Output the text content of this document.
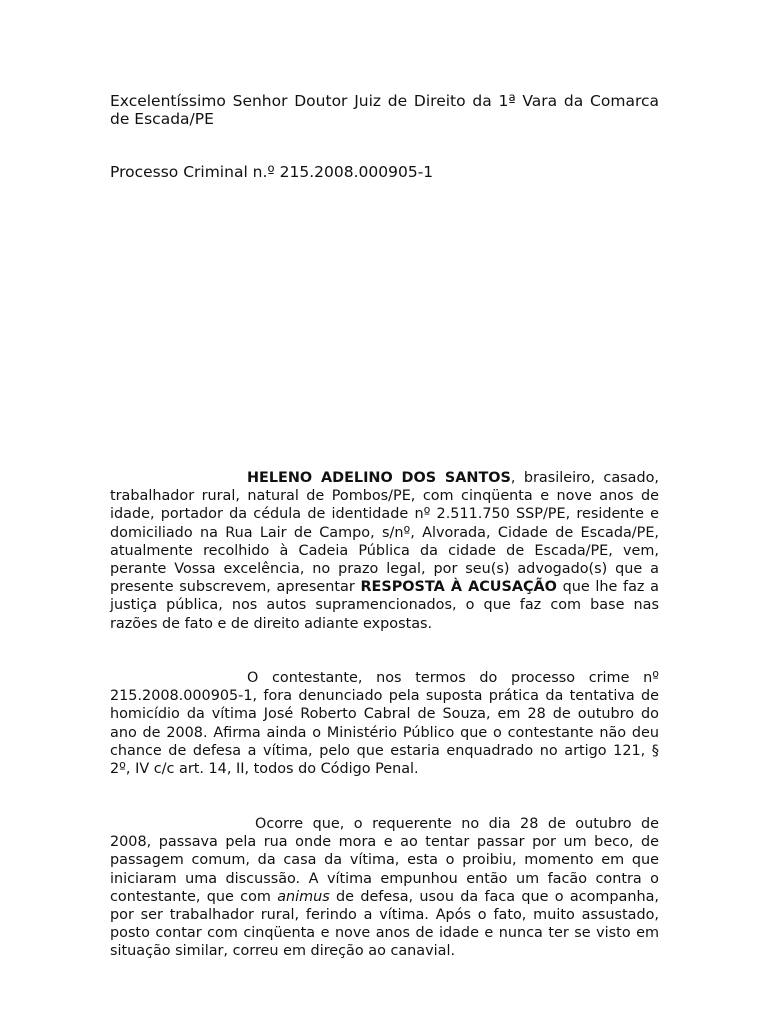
Excelentíssimo Senhor Doutor Juiz de Direito da 1ª Vara da Comarca de Escada/PE
Processo Criminal n.º 215.2008.000905-1
HELENO ADELINO DOS SANTOS, brasileiro, casado, trabalhador rural, natural de Pombos/PE, com cinqüenta e nove anos de idade, portador da cédula de identidade nº 2.511.750 SSP/PE, residente e domiciliado na Rua Lair de Campo, s/nº, Alvorada, Cidade de Escada/PE, atualmente recolhido à Cadeia Pública da cidade de Escada/PE, vem, perante Vossa excelência, no prazo legal, por seu(s) advogado(s) que a presente subscrevem, apresentar RESPOSTA À ACUSAÇÃO que lhe faz a justiça pública, nos autos supramencionados, o que faz com base nas razões de fato e de direito adiante expostas.
O contestante, nos termos do processo crime nº 215.2008.000905-1, fora denunciado pela suposta prática da tentativa de homicídio da vítima José Roberto Cabral de Souza, em 28 de outubro do ano de 2008. Afirma ainda o Ministério Público que o contestante não deu chance de defesa a vítima, pelo que estaria enquadrado no artigo 121, § 2º, IV c/c art. 14, II, todos do Código Penal.
Ocorre que, o requerente no dia 28 de outubro de 2008, passava pela rua onde mora e ao tentar passar por um beco, de passagem comum, da casa da vítima, esta o proibiu, momento em que iniciaram uma discussão. A vítima empunhou então um facão contra o contestante, que com animus de defesa, usou da faca que o acompanha, por ser trabalhador rural, ferindo a vítima. Após o fato, muito assustado, posto contar com cinqüenta e nove anos de idade e nunca ter se visto em situação similar, correu em direção ao canavial.
